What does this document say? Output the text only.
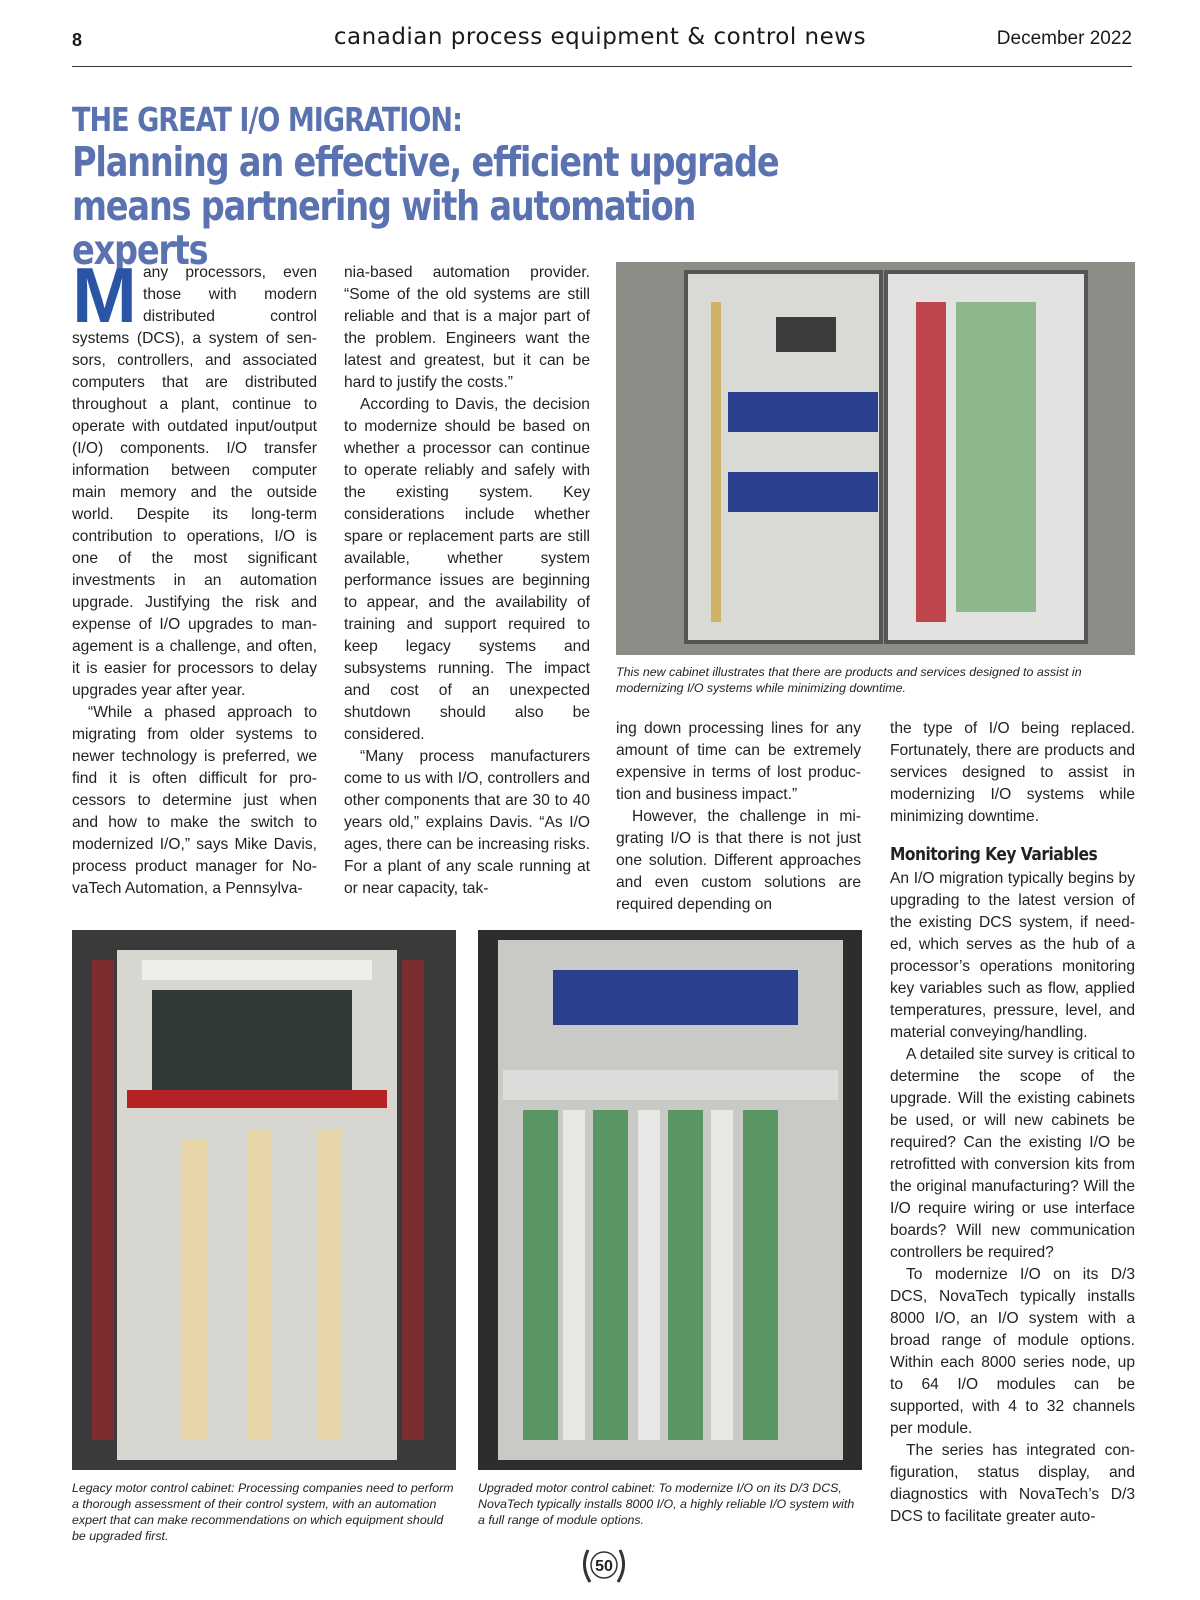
8	canadian process equipment & control news	December 2022
THE GREAT I/O MIGRATION:
Planning an effective, efficient upgrade means partnering with automation experts

Many processors, even those with modern distributed control systems (DCS), a system of sensors, controllers, and associated computers that are distributed throughout a plant, continue to operate with outdated input/output (I/O) components. I/O transfer information between computer main memory and the outside world. Despite its long-term contribution to operations, I/O is one of the most significant investments in an automation upgrade. Justifying the risk and expense of I/O upgrades to management is a challenge, and often, it is easier for processors to delay upgrades year after year.

“While a phased approach to migrating from older systems to newer technology is preferred, we find it is often difficult for processors to determine just when and how to make the switch to modernized I/O,” says Mike Davis, process product manager for NovaTech Automation, a Pennsylva-

nia-based automation provider. “Some of the old systems are still reliable and that is a major part of the problem. Engineers want the latest and greatest, but it can be hard to justify the costs.”

According to Davis, the decision to modernize should be based on whether a processor can continue to operate reliably and safely with the existing system. Key considerations include whether spare or replacement parts are still available, whether system performance issues are beginning to appear, and the availability of training and support required to keep legacy systems and subsystems running. The impact and cost of an unexpected shutdown should also be considered.

“Many process manufacturers come to us with I/O, controllers and other components that are 30 to 40 years old,” explains Davis. “As I/O ages, there can be increasing risks. For a plant of any scale running at or near capacity, tak-

This new cabinet illustrates that there are products and services designed to assist in modernizing I/O systems while minimizing downtime.

ing down processing lines for any amount of time can be extremely expensive in terms of lost production and business impact.”

However, the challenge in migrating I/O is that there is not just one solution. Different approaches and even custom solutions are required depending on

the type of I/O being replaced. Fortunately, there are products and services designed to assist in modernizing I/O systems while minimizing downtime.

Monitoring Key Variables

An I/O migration typically begins by upgrading to the latest version of the existing DCS system, if needed, which serves as the hub of a processor’s operations monitoring key variables such as flow, applied temperatures, pressure, level, and material conveying/handling.

A detailed site survey is critical to determine the scope of the upgrade. Will the existing cabinets be used, or will new cabinets be required? Can the existing I/O be retrofitted with conversion kits from the original manufacturing? Will the I/O require wiring or use interface boards? Will new communication controllers be required?

To modernize I/O on its D/3 DCS, NovaTech typically installs 8000 I/O, an I/O system with a broad range of module options. Within each 8000 series node, up to 64 I/O modules can be supported, with 4 to 32 channels per module.

The series has integrated configuration, status display, and diagnostics with NovaTech’s D/3 DCS to facilitate greater auto-

Legacy motor control cabinet: Processing companies need to perform a thorough assessment of their control system, with an automation expert that can make recommendations on which equipment should be upgraded first.
Upgraded motor control cabinet: To modernize I/O on its D/3 DCS, NovaTech typically installs 8000 I/O, a highly reliable I/O system with a full range of module options.
50
